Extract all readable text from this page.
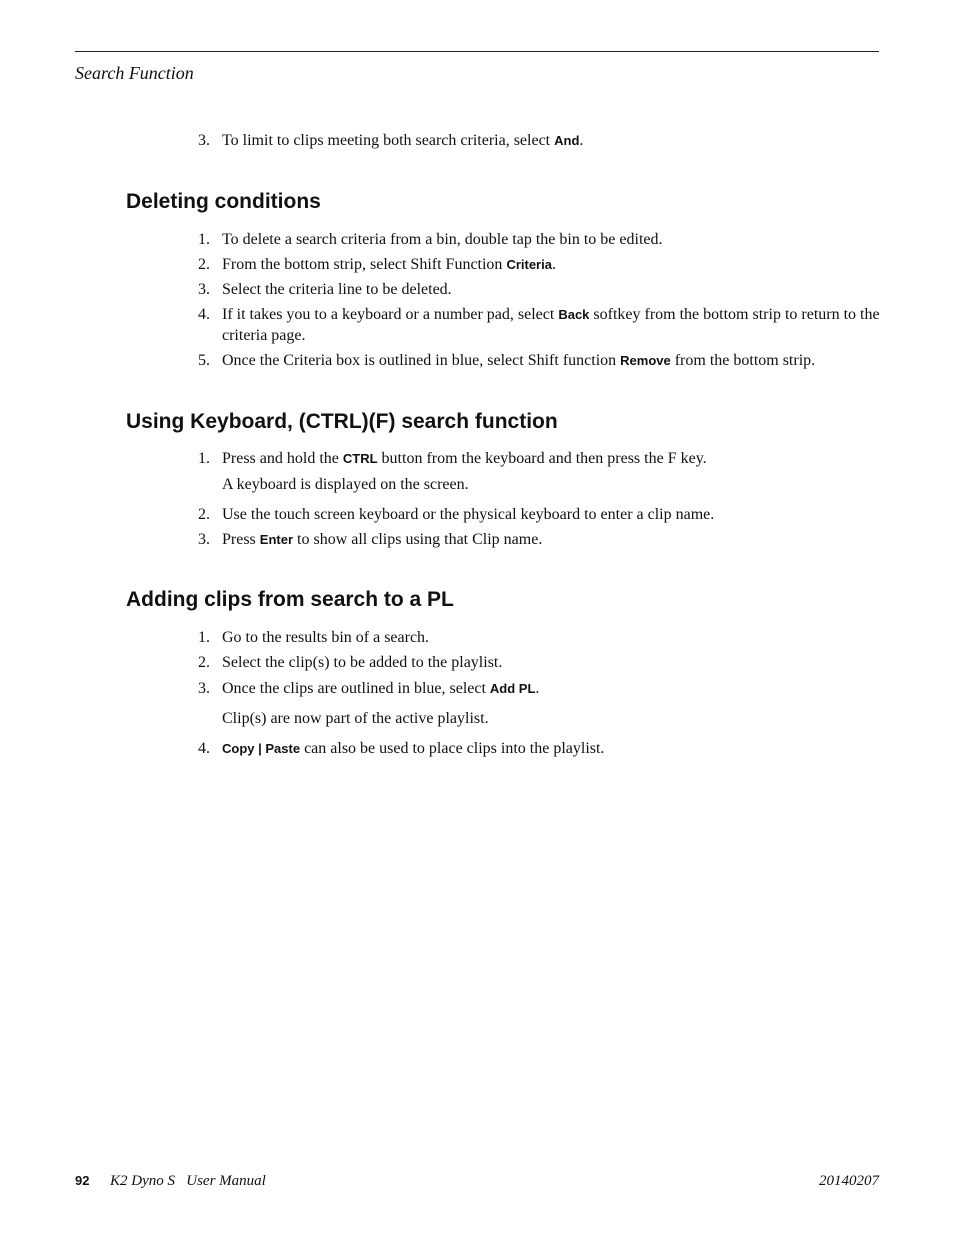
Search Function
3. To limit to clips meeting both search criteria, select And.
Deleting conditions
1. To delete a search criteria from a bin, double tap the bin to be edited.
2. From the bottom strip, select Shift Function Criteria.
3. Select the criteria line to be deleted.
4. If it takes you to a keyboard or a number pad, select Back softkey from the bottom strip to return to the criteria page.
5. Once the Criteria box is outlined in blue, select Shift function Remove from the bottom strip.
Using Keyboard, (CTRL)(F) search function
1. Press and hold the CTRL button from the keyboard and then press the F key.
A keyboard is displayed on the screen.
2. Use the touch screen keyboard or the physical keyboard to enter a clip name.
3. Press Enter to show all clips using that Clip name.
Adding clips from search to a PL
1. Go to the results bin of a search.
2. Select the clip(s) to be added to the playlist.
3. Once the clips are outlined in blue, select Add PL.
Clip(s) are now part of the active playlist.
4. Copy | Paste can also be used to place clips into the playlist.
92 K2 Dyno S   User Manual	20140207
